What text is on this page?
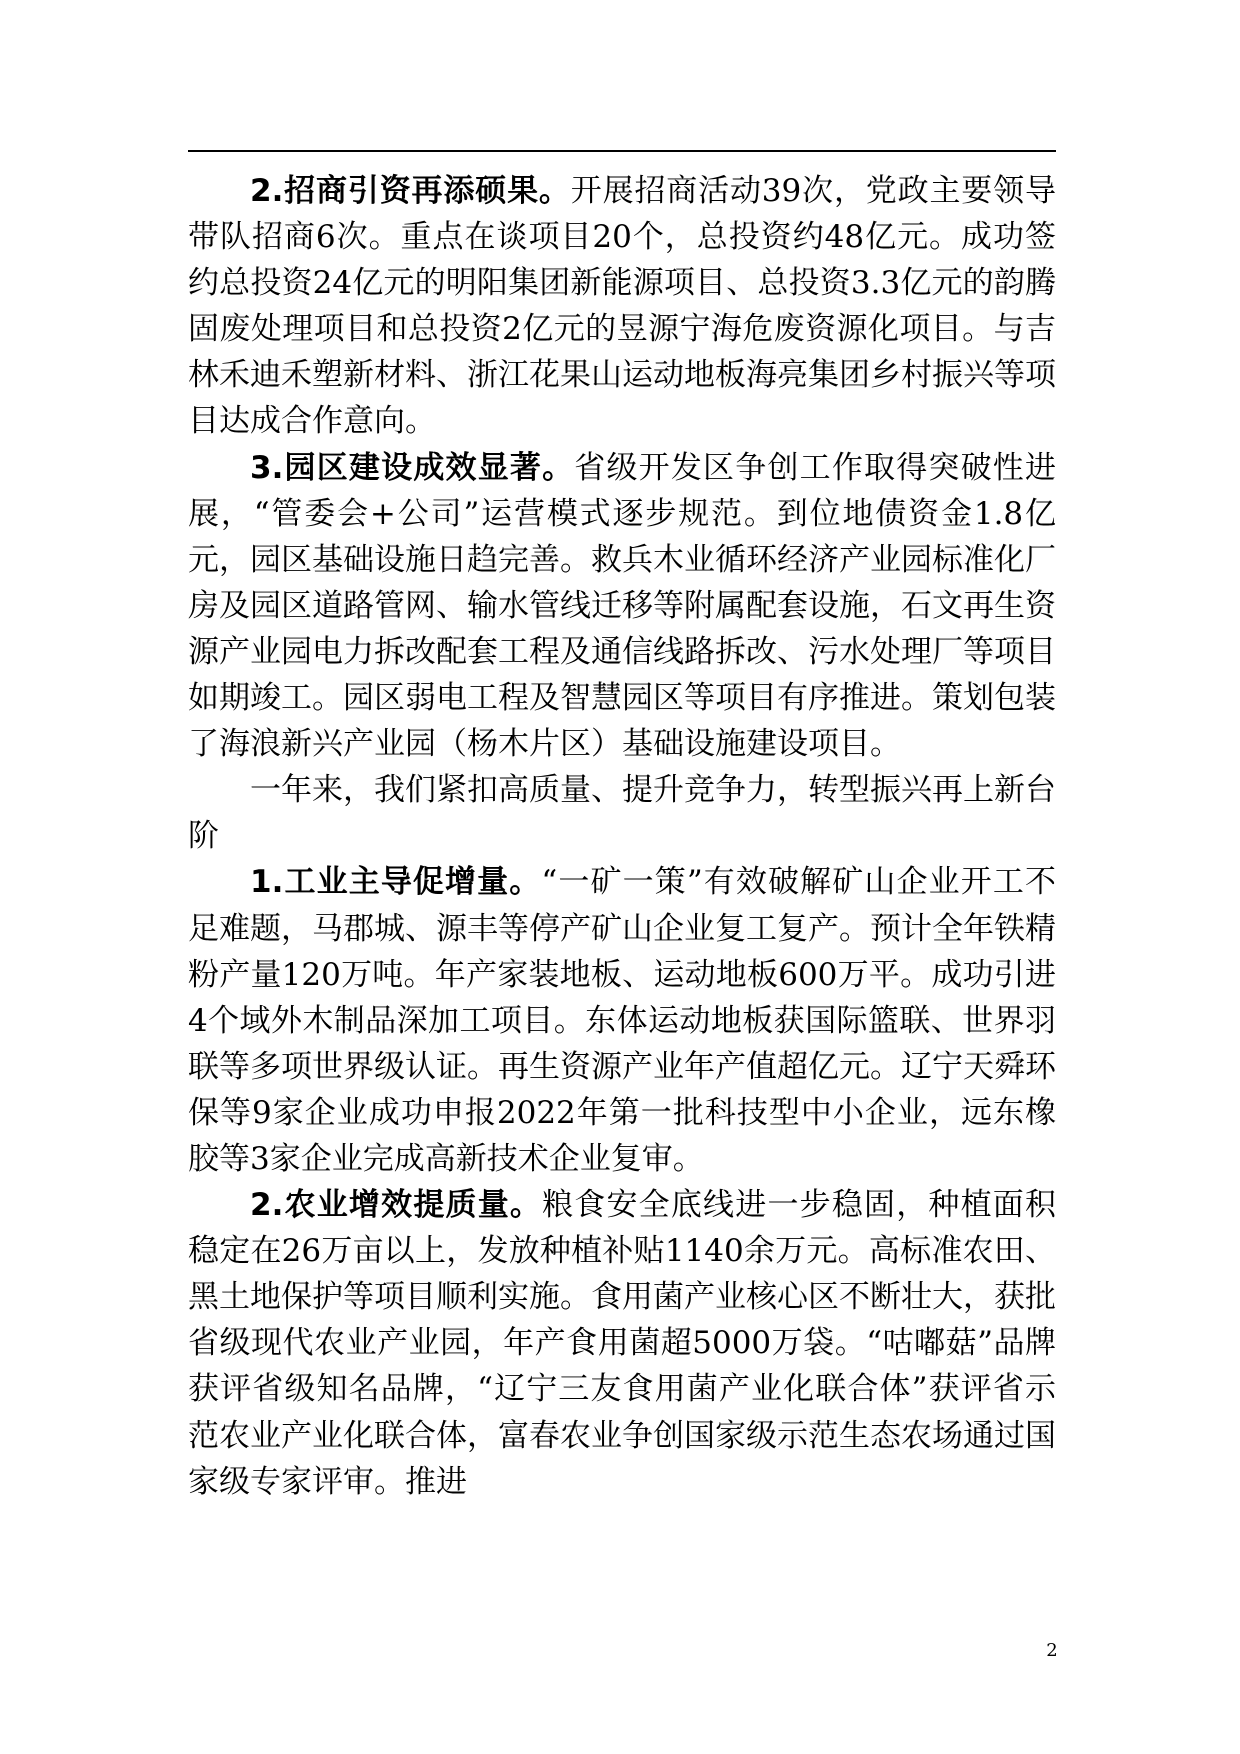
2.招商引资再添硕果。开展招商活动39次，党政主要领导带队招商6次。重点在谈项目20个，总投资约48亿元。成功签约总投资24亿元的明阳集团新能源项目、总投资3.3亿元的韵腾固废处理项目和总投资2亿元的昱源宁海危废资源化项目。与吉林禾迪禾塑新材料、浙江花果山运动地板海亮集团乡村振兴等项目达成合作意向。

3.园区建设成效显著。省级开发区争创工作取得突破性进展，“管委会+公司”运营模式逐步规范。到位地债资金1.8亿元，园区基础设施日趋完善。救兵木业循环经济产业园标准化厂房及园区道路管网、输水管线迁移等附属配套设施，石文再生资源产业园电力拆改配套工程及通信线路拆改、污水处理厂等项目如期竣工。园区弱电工程及智慧园区等项目有序推进。策划包装了海浪新兴产业园（杨木片区）基础设施建设项目。

一年来，我们紧扣高质量、提升竞争力，转型振兴再上新台阶

1.工业主导促增量。“一矿一策”有效破解矿山企业开工不足难题，马郡城、源丰等停产矿山企业复工复产。预计全年铁精粉产量120万吨。年产家装地板、运动地板600万平。成功引进4个域外木制品深加工项目。东体运动地板获国际篮联、世界羽联等多项世界级认证。再生资源产业年产值超亿元。辽宁天舜环保等9家企业成功申报2022年第一批科技型中小企业，远东橡胶等3家企业完成高新技术企业复审。

2.农业增效提质量。粮食安全底线进一步稳固，种植面积稳定在26万亩以上，发放种植补贴1140余万元。高标准农田、黑土地保护等项目顺利实施。食用菌产业核心区不断壮大，获批省级现代农业产业园，年产食用菌超5000万袋。“咕嘟菇”品牌获评省级知名品牌，“辽宁三友食用菌产业化联合体”获评省示范农业产业化联合体，富春农业争创国家级示范生态农场通过国家级专家评审。推进

2
